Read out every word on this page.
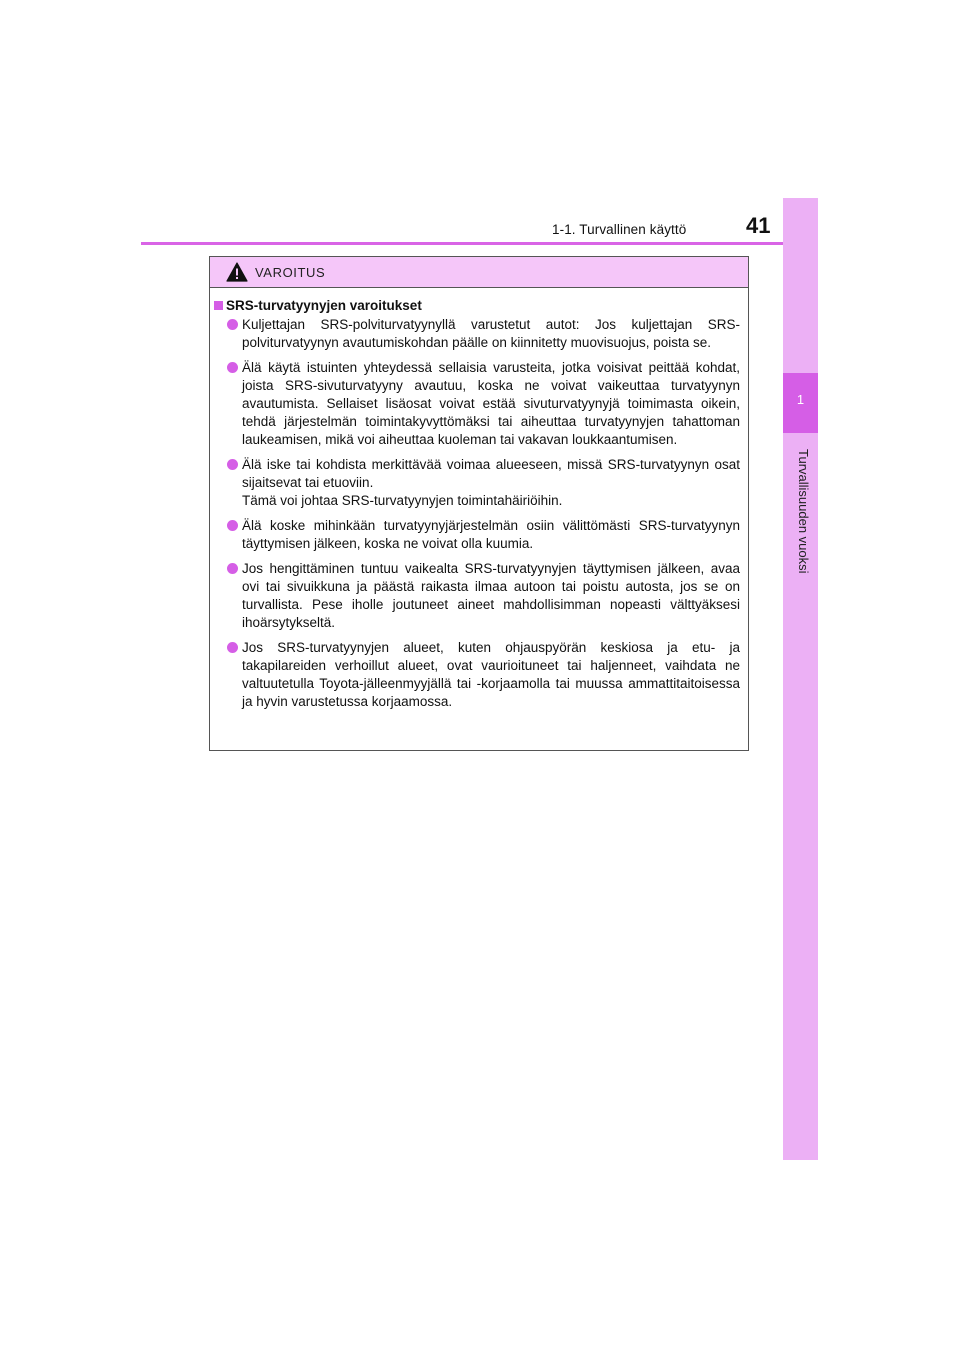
1-1. Turvallinen käyttö	41
1
Turvallisuuden vuoksi
VAROITUS
SRS-turvatyynyjen varoitukset
Kuljettajan SRS-polviturvatyynyllä varustetut autot: Jos kuljettajan SRS-polviturvatyynyn avautumiskohdan päälle on kiinnitetty muovisuojus, poista se.
Älä käytä istuinten yhteydessä sellaisia varusteita, jotka voisivat peittää kohdat, joista SRS-sivuturvatyyny avautuu, koska ne voivat vaikeuttaa turvatyynyn avautumista. Sellaiset lisäosat voivat estää sivuturvatyynyjä toimimasta oikein, tehdä järjestelmän toimintakyvyttömäksi tai aiheuttaa turvatyynyjen tahattoman laukeamisen, mikä voi aiheuttaa kuoleman tai vakavan loukkaantumisen.
Älä iske tai kohdista merkittävää voimaa alueeseen, missä SRS-turvatyynyn osat sijaitsevat tai etuoviin.
Tämä voi johtaa SRS-turvatyynyjen toimintahäiriöihin.
Älä koske mihinkään turvatyynyjärjestelmän osiin välittömästi SRS-turvatyynyn täyttymisen jälkeen, koska ne voivat olla kuumia.
Jos hengittäminen tuntuu vaikealta SRS-turvatyynyjen täyttymisen jälkeen, avaa ovi tai sivuikkuna ja päästä raikasta ilmaa autoon tai poistu autosta, jos se on turvallista. Pese iholle joutuneet aineet mahdollisimman nopeasti välttyäksesi ihoärsytykseltä.
Jos SRS-turvatyynyjen alueet, kuten ohjauspyörän keskiosa ja etu- ja takapilareiden verhoillut alueet, ovat vaurioituneet tai haljenneet, vaihdata ne valtuutetulla Toyota-jälleenmyyjällä tai -korjaamolla tai muussa ammattitaitoisessa ja hyvin varustetussa korjaamossa.
